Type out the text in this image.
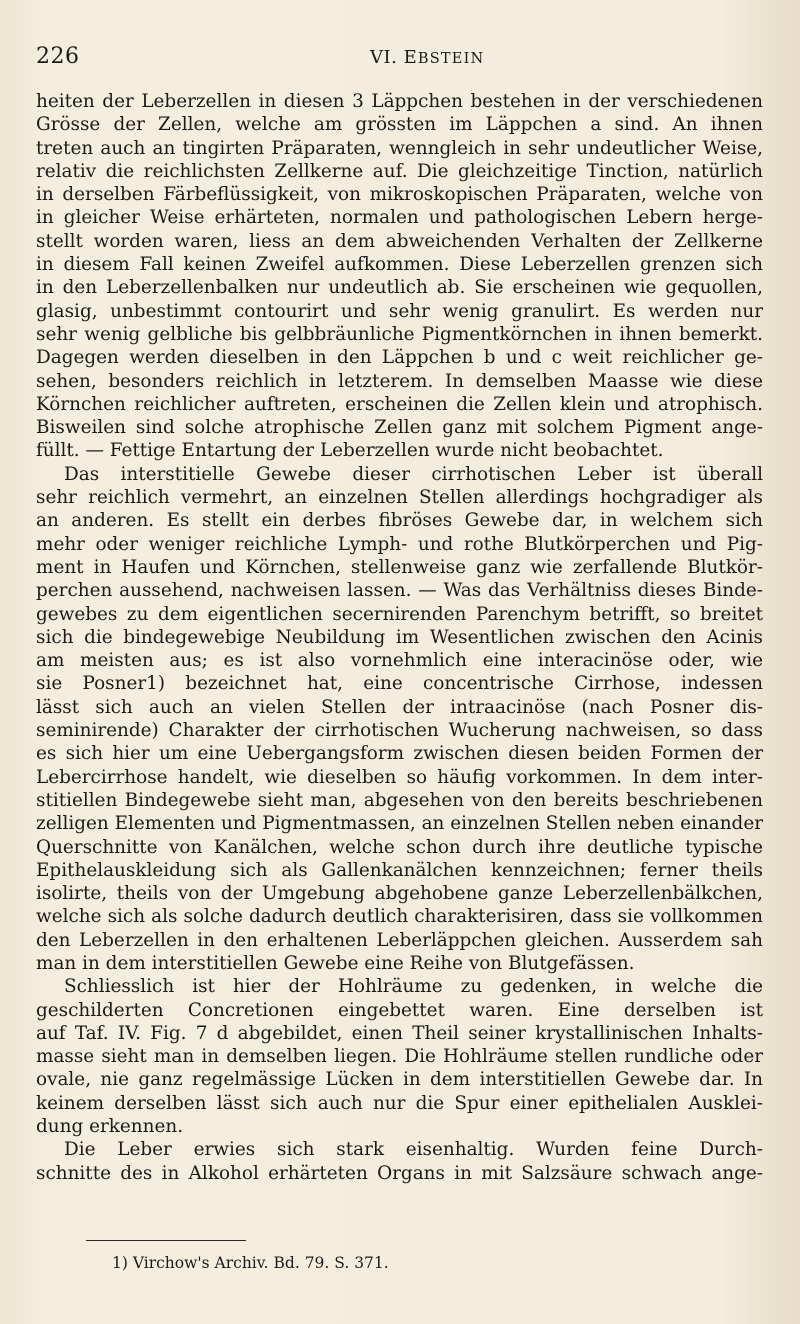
226	VI. EBSTEIN
heiten der Leberzellen in diesen 3 Läppchen bestehen in der verschiedenen
Grösse der Zellen, welche am grössten im Läppchen a sind. An ihnen
treten auch an tingirten Präparaten, wenngleich in sehr undeutlicher Weise,
relativ die reichlichsten Zellkerne auf. Die gleichzeitige Tinction, natürlich
in derselben Färbeflüssigkeit, von mikroskopischen Präparaten, welche von
in gleicher Weise erhärteten, normalen und pathologischen Lebern herge-
stellt worden waren, liess an dem abweichenden Verhalten der Zellkerne
in diesem Fall keinen Zweifel aufkommen. Diese Leberzellen grenzen sich
in den Leberzellenbalken nur undeutlich ab. Sie erscheinen wie gequollen,
glasig, unbestimmt contourirt und sehr wenig granulirt. Es werden nur
sehr wenig gelbliche bis gelbbräunliche Pigmentkörnchen in ihnen bemerkt.
Dagegen werden dieselben in den Läppchen b und c weit reichlicher ge-
sehen, besonders reichlich in letzterem. In demselben Maasse wie diese
Körnchen reichlicher auftreten, erscheinen die Zellen klein und atrophisch.
Bisweilen sind solche atrophische Zellen ganz mit solchem Pigment ange-
füllt. — Fettige Entartung der Leberzellen wurde nicht beobachtet.
Das interstitielle Gewebe dieser cirrhotischen Leber ist überall
sehr reichlich vermehrt, an einzelnen Stellen allerdings hochgradiger als
an anderen. Es stellt ein derbes fibröses Gewebe dar, in welchem sich
mehr oder weniger reichliche Lymph- und rothe Blutkörperchen und Pig-
ment in Haufen und Körnchen, stellenweise ganz wie zerfallende Blutkör-
perchen aussehend, nachweisen lassen. — Was das Verhältniss dieses Binde-
gewebes zu dem eigentlichen secernirenden Parenchym betrifft, so breitet
sich die bindegewebige Neubildung im Wesentlichen zwischen den Acinis
am meisten aus; es ist also vornehmlich eine interacinöse oder, wie
sie Posner1) bezeichnet hat, eine concentrische Cirrhose, indessen
lässt sich auch an vielen Stellen der intraacinöse (nach Posner dis-
seminirende) Charakter der cirrhotischen Wucherung nachweisen, so dass
es sich hier um eine Uebergangsform zwischen diesen beiden Formen der
Lebercirrhose handelt, wie dieselben so häufig vorkommen. In dem inter-
stitiellen Bindegewebe sieht man, abgesehen von den bereits beschriebenen
zelligen Elementen und Pigmentmassen, an einzelnen Stellen neben einander
Querschnitte von Kanälchen, welche schon durch ihre deutliche typische
Epithelauskleidung sich als Gallenkanälchen kennzeichnen; ferner theils
isolirte, theils von der Umgebung abgehobene ganze Leberzellenbälkchen,
welche sich als solche dadurch deutlich charakterisiren, dass sie vollkommen
den Leberzellen in den erhaltenen Leberläppchen gleichen. Ausserdem sah
man in dem interstitiellen Gewebe eine Reihe von Blutgefässen.
Schliesslich ist hier der Hohlräume zu gedenken, in welche die
geschilderten Concretionen eingebettet waren. Eine derselben ist
auf Taf. IV. Fig. 7 d abgebildet, einen Theil seiner krystallinischen Inhalts-
masse sieht man in demselben liegen. Die Hohlräume stellen rundliche oder
ovale, nie ganz regelmässige Lücken in dem interstitiellen Gewebe dar. In
keinem derselben lässt sich auch nur die Spur einer epithelialen Ausklei-
dung erkennen.
Die Leber erwies sich stark eisenhaltig. Wurden feine Durch-
schnitte des in Alkohol erhärteten Organs in mit Salzsäure schwach ange-
1) Virchow's Archiv. Bd. 79. S. 371.
